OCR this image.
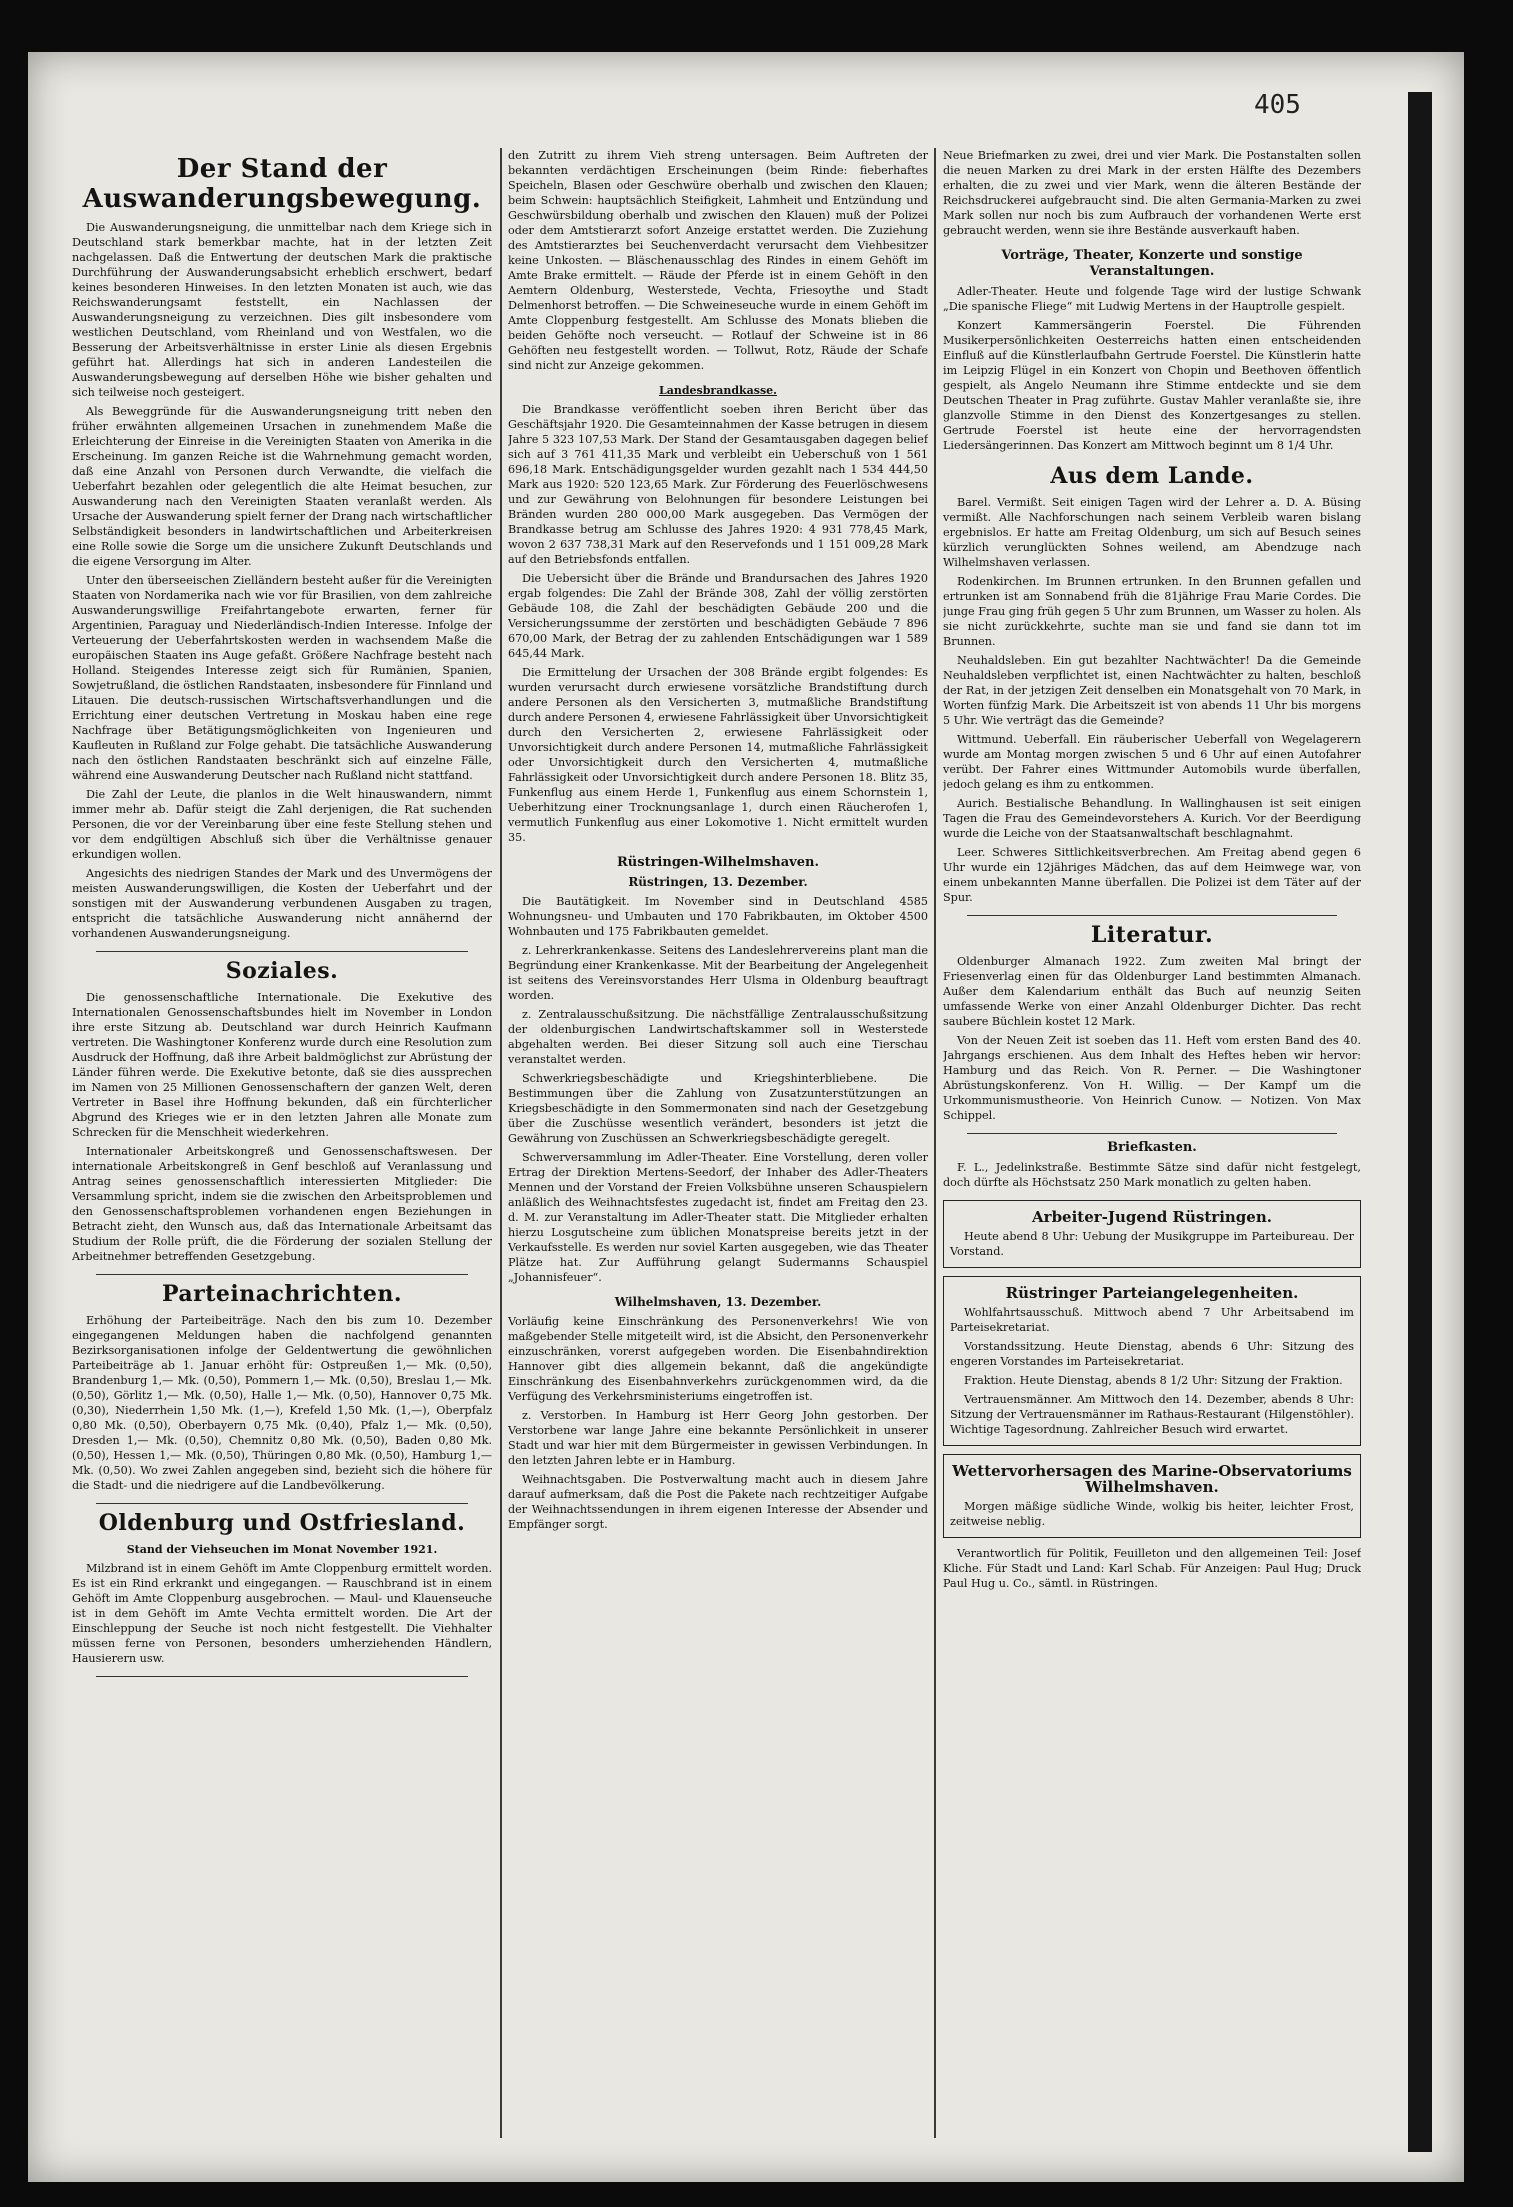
405
Der Stand der Auswanderungsbewegung.

Die Auswanderungsneigung, die unmittelbar nach dem Kriege sich in Deutschland stark bemerkbar machte, hat in der letzten Zeit nachgelassen. Daß die Entwertung der deutschen Mark die praktische Durchführung der Auswanderungsabsicht erheblich erschwert, bedarf keines besonderen Hinweises. In den letzten Monaten ist auch, wie das Reichswanderungsamt feststellt, ein Nachlassen der Auswanderungsneigung zu verzeichnen. Dies gilt insbesondere vom westlichen Deutschland, vom Rheinland und von Westfalen, wo die Besserung der Arbeitsverhältnisse in erster Linie als diesen Ergebnis geführt hat. Allerdings hat sich in anderen Landesteilen die Auswanderungsbewegung auf derselben Höhe wie bisher gehalten und sich teilweise noch gesteigert.

Als Beweggründe für die Auswanderungsneigung tritt neben den früher erwähnten allgemeinen Ursachen in zunehmendem Maße die Erleichterung der Einreise in die Vereinigten Staaten von Amerika in die Erscheinung. Im ganzen Reiche ist die Wahrnehmung gemacht worden, daß eine Anzahl von Personen durch Verwandte, die vielfach die Ueberfahrt bezahlen oder gelegentlich die alte Heimat besuchen, zur Auswanderung nach den Vereinigten Staaten veranlaßt werden. Als Ursache der Auswanderung spielt ferner der Drang nach wirtschaftlicher Selbständigkeit besonders in landwirtschaftlichen und Arbeiterkreisen eine Rolle sowie die Sorge um die unsichere Zukunft Deutschlands und die eigene Versorgung im Alter.

Unter den überseeischen Zielländern besteht außer für die Vereinigten Staaten von Nordamerika nach wie vor für Brasilien, von dem zahlreiche Auswanderungswillige Freifahrtangebote erwarten, ferner für Argentinien, Paraguay und Niederländisch-Indien Interesse. Infolge der Verteuerung der Ueberfahrtskosten werden in wachsendem Maße die europäischen Staaten ins Auge gefaßt. Größere Nachfrage besteht nach Holland. Steigendes Interesse zeigt sich für Rumänien, Spanien, Sowjetrußland, die östlichen Randstaaten, insbesondere für Finnland und Litauen. Die deutsch-russischen Wirtschaftsverhandlungen und die Errichtung einer deutschen Vertretung in Moskau haben eine rege Nachfrage über Betätigungsmöglichkeiten von Ingenieuren und Kaufleuten in Rußland zur Folge gehabt. Die tatsächliche Auswanderung nach den östlichen Randstaaten beschränkt sich auf einzelne Fälle, während eine Auswanderung Deutscher nach Rußland nicht stattfand.

Die Zahl der Leute, die planlos in die Welt hinauswandern, nimmt immer mehr ab. Dafür steigt die Zahl derjenigen, die Rat suchenden Personen, die vor der Vereinbarung über eine feste Stellung stehen und vor dem endgültigen Abschluß sich über die Verhältnisse genauer erkundigen wollen.

Angesichts des niedrigen Standes der Mark und des Unvermögens der meisten Auswanderungswilligen, die Kosten der Ueberfahrt und der sonstigen mit der Auswanderung verbundenen Ausgaben zu tragen, entspricht die tatsächliche Auswanderung nicht annähernd der vorhandenen Auswanderungsneigung.

Soziales.

Die genossenschaftliche Internationale. Die Exekutive des Internationalen Genossenschaftsbundes hielt im November in London ihre erste Sitzung ab. Deutschland war durch Heinrich Kaufmann vertreten. Die Washingtoner Konferenz wurde durch eine Resolution zum Ausdruck der Hoffnung, daß ihre Arbeit baldmöglichst zur Abrüstung der Länder führen werde. Die Exekutive betonte, daß sie dies aussprechen im Namen von 25 Millionen Genossenschaftern der ganzen Welt, deren Vertreter in Basel ihre Hoffnung bekunden, daß ein fürchterlicher Abgrund des Krieges wie er in den letzten Jahren alle Monate zum Schrecken für die Menschheit wiederkehren.

Internationaler Arbeitskongreß und Genossenschaftswesen. Der internationale Arbeitskongreß in Genf beschloß auf Veranlassung und Antrag seines genossenschaftlich interessierten Mitglieder: Die Versammlung spricht, indem sie die zwischen den Arbeitsproblemen und den Genossenschaftsproblemen vorhandenen engen Beziehungen in Betracht zieht, den Wunsch aus, daß das Internationale Arbeitsamt das Studium der Rolle prüft, die die Förderung der sozialen Stellung der Arbeitnehmer betreffenden Gesetzgebung.

Parteinachrichten.

Erhöhung der Parteibeiträge. Nach den bis zum 10. Dezember eingegangenen Meldungen haben die nachfolgend genannten Bezirksorganisationen infolge der Geldentwertung die gewöhnlichen Parteibeiträge ab 1. Januar erhöht für: Ostpreußen 1,— Mk. (0,50), Brandenburg 1,— Mk. (0,50), Pommern 1,— Mk. (0,50), Breslau 1,— Mk. (0,50), Görlitz 1,— Mk. (0,50), Halle 1,— Mk. (0,50), Hannover 0,75 Mk. (0,30), Niederrhein 1,50 Mk. (1,—), Krefeld 1,50 Mk. (1,—), Oberpfalz 0,80 Mk. (0,50), Oberbayern 0,75 Mk. (0,40), Pfalz 1,— Mk. (0,50), Dresden 1,— Mk. (0,50), Chemnitz 0,80 Mk. (0,50), Baden 0,80 Mk. (0,50), Hessen 1,— Mk. (0,50), Thüringen 0,80 Mk. (0,50), Hamburg 1,— Mk. (0,50). Wo zwei Zahlen angegeben sind, bezieht sich die höhere für die Stadt- und die niedrigere auf die Landbevölkerung.

Oldenburg und Ostfriesland.
Stand der Viehseuchen im Monat November 1921.

Milzbrand ist in einem Gehöft im Amte Cloppenburg ermittelt worden. Es ist ein Rind erkrankt und eingegangen. — Rauschbrand ist in einem Gehöft im Amte Cloppenburg ausgebrochen. — Maul- und Klauenseuche ist in dem Gehöft im Amte Vechta ermittelt worden. Die Art der Einschleppung der Seuche ist noch nicht festgestellt. Die Viehhalter müssen ferne von Personen, besonders umherziehenden Händlern, Hausierern usw.

den Zutritt zu ihrem Vieh streng untersagen. Beim Auftreten der bekannten verdächtigen Erscheinungen (beim Rinde: fieberhaftes Speicheln, Blasen oder Geschwüre oberhalb und zwischen den Klauen; beim Schwein: hauptsächlich Steifigkeit, Lahmheit und Entzündung und Geschwürsbildung oberhalb und zwischen den Klauen) muß der Polizei oder dem Amtstierarzt sofort Anzeige erstattet werden. Die Zuziehung des Amtstierarztes bei Seuchenverdacht verursacht dem Viehbesitzer keine Unkosten. — Bläschenausschlag des Rindes in einem Gehöft im Amte Brake ermittelt. — Räude der Pferde ist in einem Gehöft in den Aemtern Oldenburg, Westerstede, Vechta, Friesoythe und Stadt Delmenhorst betroffen. — Die Schweineseuche wurde in einem Gehöft im Amte Cloppenburg festgestellt. Am Schlusse des Monats blieben die beiden Gehöfte noch verseucht. — Rotlauf der Schweine ist in 86 Gehöften neu festgestellt worden. — Tollwut, Rotz, Räude der Schafe sind nicht zur Anzeige gekommen.

Landesbrandkasse.

Die Brandkasse veröffentlicht soeben ihren Bericht über das Geschäftsjahr 1920. Die Gesamteinnahmen der Kasse betrugen in diesem Jahre 5 323 107,53 Mark. Der Stand der Gesamtausgaben dagegen belief sich auf 3 761 411,35 Mark und verbleibt ein Ueberschuß von 1 561 696,18 Mark. Entschädigungsgelder wurden gezahlt nach 1 534 444,50 Mark aus 1920: 520 123,65 Mark. Zur Förderung des Feuerlöschwesens und zur Gewährung von Belohnungen für besondere Leistungen bei Bränden wurden 280 000,00 Mark ausgegeben. Das Vermögen der Brandkasse betrug am Schlusse des Jahres 1920: 4 931 778,45 Mark, wovon 2 637 738,31 Mark auf den Reservefonds und 1 151 009,28 Mark auf den Betriebsfonds entfallen.

Die Uebersicht über die Brände und Brandursachen des Jahres 1920 ergab folgendes: Die Zahl der Brände 308, Zahl der völlig zerstörten Gebäude 108, die Zahl der beschädigten Gebäude 200 und die Versicherungssumme der zerstörten und beschädigten Gebäude 7 896 670,00 Mark, der Betrag der zu zahlenden Entschädigungen war 1 589 645,44 Mark.

Die Ermittelung der Ursachen der 308 Brände ergibt folgendes: Es wurden verursacht durch erwiesene vorsätzliche Brandstiftung durch andere Personen als den Versicherten 3, mutmaßliche Brandstiftung durch andere Personen 4, erwiesene Fahrlässigkeit über Unvorsichtigkeit durch den Versicherten 2, erwiesene Fahrlässigkeit oder Unvorsichtigkeit durch andere Personen 14, mutmaßliche Fahrlässigkeit oder Unvorsichtigkeit durch den Versicherten 4, mutmaßliche Fahrlässigkeit oder Unvorsichtigkeit durch andere Personen 18. Blitz 35, Funkenflug aus einem Herde 1, Funkenflug aus einem Schornstein 1, Ueberhitzung einer Trocknungsanlage 1, durch einen Räucherofen 1, vermutlich Funkenflug aus einer Lokomotive 1. Nicht ermittelt wurden 35.

Rüstringen-Wilhelmshaven.
Rüstringen, 13. Dezember.

Die Bautätigkeit. Im November sind in Deutschland 4585 Wohnungsneu- und Umbauten und 170 Fabrikbauten, im Oktober 4500 Wohnbauten und 175 Fabrikbauten gemeldet.

z. Lehrerkrankenkasse. Seitens des Landeslehrervereins plant man die Begründung einer Krankenkasse. Mit der Bearbeitung der Angelegenheit ist seitens des Vereinsvorstandes Herr Ulsma in Oldenburg beauftragt worden.

z. Zentralausschußsitzung. Die nächstfällige Zentralausschußsitzung der oldenburgischen Landwirtschaftskammer soll in Westerstede abgehalten werden. Bei dieser Sitzung soll auch eine Tierschau veranstaltet werden.

Schwerkriegsbeschädigte und Kriegshinterbliebene. Die Bestimmungen über die Zahlung von Zusatzunterstützungen an Kriegsbeschädigte in den Sommermonaten sind nach der Gesetzgebung über die Zuschüsse wesentlich verändert, besonders ist jetzt die Gewährung von Zuschüssen an Schwerkriegsbeschädigte geregelt.

Schwerversammlung im Adler-Theater. Eine Vorstellung, deren voller Ertrag der Direktion Mertens-Seedorf, der Inhaber des Adler-Theaters Mennen und der Vorstand der Freien Volksbühne unseren Schauspielern anläßlich des Weihnachtsfestes zugedacht ist, findet am Freitag den 23. d. M. zur Veranstaltung im Adler-Theater statt. Die Mitglieder erhalten hierzu Losgutscheine zum üblichen Monatspreise bereits jetzt in der Verkaufsstelle. Es werden nur soviel Karten ausgegeben, wie das Theater Plätze hat. Zur Aufführung gelangt Sudermanns Schauspiel „Johannisfeuer“.

Wilhelmshaven, 13. Dezember.

Vorläufig keine Einschränkung des Personenverkehrs! Wie von maßgebender Stelle mitgeteilt wird, ist die Absicht, den Personenverkehr einzuschränken, vorerst aufgegeben worden. Die Eisenbahndirektion Hannover gibt dies allgemein bekannt, daß die angekündigte Einschränkung des Eisenbahnverkehrs zurückgenommen wird, da die Verfügung des Verkehrsministeriums eingetroffen ist.

z. Verstorben. In Hamburg ist Herr Georg John gestorben. Der Verstorbene war lange Jahre eine bekannte Persönlichkeit in unserer Stadt und war hier mit dem Bürgermeister in gewissen Verbindungen. In den letzten Jahren lebte er in Hamburg.

Weihnachtsgaben. Die Postverwaltung macht auch in diesem Jahre darauf aufmerksam, daß die Post die Pakete nach rechtzeitiger Aufgabe der Weihnachtssendungen in ihrem eigenen Interesse der Absender und Empfänger sorgt.

Neue Briefmarken zu zwei, drei und vier Mark. Die Postanstalten sollen die neuen Marken zu drei Mark in der ersten Hälfte des Dezembers erhalten, die zu zwei und vier Mark, wenn die älteren Bestände der Reichsdruckerei aufgebraucht sind. Die alten Germania-Marken zu zwei Mark sollen nur noch bis zum Aufbrauch der vorhandenen Werte erst gebraucht werden, wenn sie ihre Bestände ausverkauft haben.

Vorträge, Theater, Konzerte und sonstige Veranstaltungen.

Adler-Theater. Heute und folgende Tage wird der lustige Schwank „Die spanische Fliege“ mit Ludwig Mertens in der Hauptrolle gespielt.

Konzert Kammersängerin Foerstel. Die Führenden Musikerpersönlichkeiten Oesterreichs hatten einen entscheidenden Einfluß auf die Künstlerlaufbahn Gertrude Foerstel. Die Künstlerin hatte im Leipzig Flügel in ein Konzert von Chopin und Beethoven öffentlich gespielt, als Angelo Neumann ihre Stimme entdeckte und sie dem Deutschen Theater in Prag zuführte. Gustav Mahler veranlaßte sie, ihre glanzvolle Stimme in den Dienst des Konzertgesanges zu stellen. Gertrude Foerstel ist heute eine der hervorragendsten Liedersängerinnen. Das Konzert am Mittwoch beginnt um 8 1/4 Uhr.

Aus dem Lande.

Barel. Vermißt. Seit einigen Tagen wird der Lehrer a. D. A. Büsing vermißt. Alle Nachforschungen nach seinem Verbleib waren bislang ergebnislos. Er hatte am Freitag Oldenburg, um sich auf Besuch seines kürzlich verunglückten Sohnes weilend, am Abendzuge nach Wilhelmshaven verlassen.

Rodenkirchen. Im Brunnen ertrunken. In den Brunnen gefallen und ertrunken ist am Sonnabend früh die 81jährige Frau Marie Cordes. Die junge Frau ging früh gegen 5 Uhr zum Brunnen, um Wasser zu holen. Als sie nicht zurückkehrte, suchte man sie und fand sie dann tot im Brunnen.

Neuhaldsleben. Ein gut bezahlter Nachtwächter! Da die Gemeinde Neuhaldsleben verpflichtet ist, einen Nachtwächter zu halten, beschloß der Rat, in der jetzigen Zeit denselben ein Monatsgehalt von 70 Mark, in Worten fünfzig Mark. Die Arbeitszeit ist von abends 11 Uhr bis morgens 5 Uhr. Wie verträgt das die Gemeinde?

Wittmund. Ueberfall. Ein räuberischer Ueberfall von Wegelagerern wurde am Montag morgen zwischen 5 und 6 Uhr auf einen Autofahrer verübt. Der Fahrer eines Wittmunder Automobils wurde überfallen, jedoch gelang es ihm zu entkommen.

Aurich. Bestialische Behandlung. In Wallinghausen ist seit einigen Tagen die Frau des Gemeindevorstehers A. Kurich. Vor der Beerdigung wurde die Leiche von der Staatsanwaltschaft beschlagnahmt.

Leer. Schweres Sittlichkeitsverbrechen. Am Freitag abend gegen 6 Uhr wurde ein 12jähriges Mädchen, das auf dem Heimwege war, von einem unbekannten Manne überfallen. Die Polizei ist dem Täter auf der Spur.

Literatur.

Oldenburger Almanach 1922. Zum zweiten Mal bringt der Friesenverlag einen für das Oldenburger Land bestimmten Almanach. Außer dem Kalendarium enthält das Buch auf neunzig Seiten umfassende Werke von einer Anzahl Oldenburger Dichter. Das recht saubere Büchlein kostet 12 Mark.

Von der Neuen Zeit ist soeben das 11. Heft vom ersten Band des 40. Jahrgangs erschienen. Aus dem Inhalt des Heftes heben wir hervor: Hamburg und das Reich. Von R. Perner. — Die Washingtoner Abrüstungskonferenz. Von H. Willig. — Der Kampf um die Urkommunismustheorie. Von Heinrich Cunow. — Notizen. Von Max Schippel.

Briefkasten.

F. L., Jedelinkstraße. Bestimmte Sätze sind dafür nicht festgelegt, doch dürfte als Höchstsatz 250 Mark monatlich zu gelten haben.

Arbeiter-Jugend Rüstringen.

Heute abend 8 Uhr: Uebung der Musikgruppe im Parteibureau. Der Vorstand.

Rüstringer Parteiangelegenheiten.

Wohlfahrtsausschuß. Mittwoch abend 7 Uhr Arbeitsabend im Parteisekretariat.

Vorstandssitzung. Heute Dienstag, abends 6 Uhr: Sitzung des engeren Vorstandes im Parteisekretariat.

Fraktion. Heute Dienstag, abends 8 1/2 Uhr: Sitzung der Fraktion.

Vertrauensmänner. Am Mittwoch den 14. Dezember, abends 8 Uhr: Sitzung der Vertrauensmänner im Rathaus-Restaurant (Hilgenstöhler). Wichtige Tagesordnung. Zahlreicher Besuch wird erwartet.

Wettervorhersagen des Marine-Observatoriums Wilhelmshaven.

Morgen mäßige südliche Winde, wolkig bis heiter, leichter Frost, zeitweise neblig.

Verantwortlich für Politik, Feuilleton und den allgemeinen Teil: Josef Kliche. Für Stadt und Land: Karl Schab. Für Anzeigen: Paul Hug; Druck Paul Hug u. Co., sämtl. in Rüstringen.
